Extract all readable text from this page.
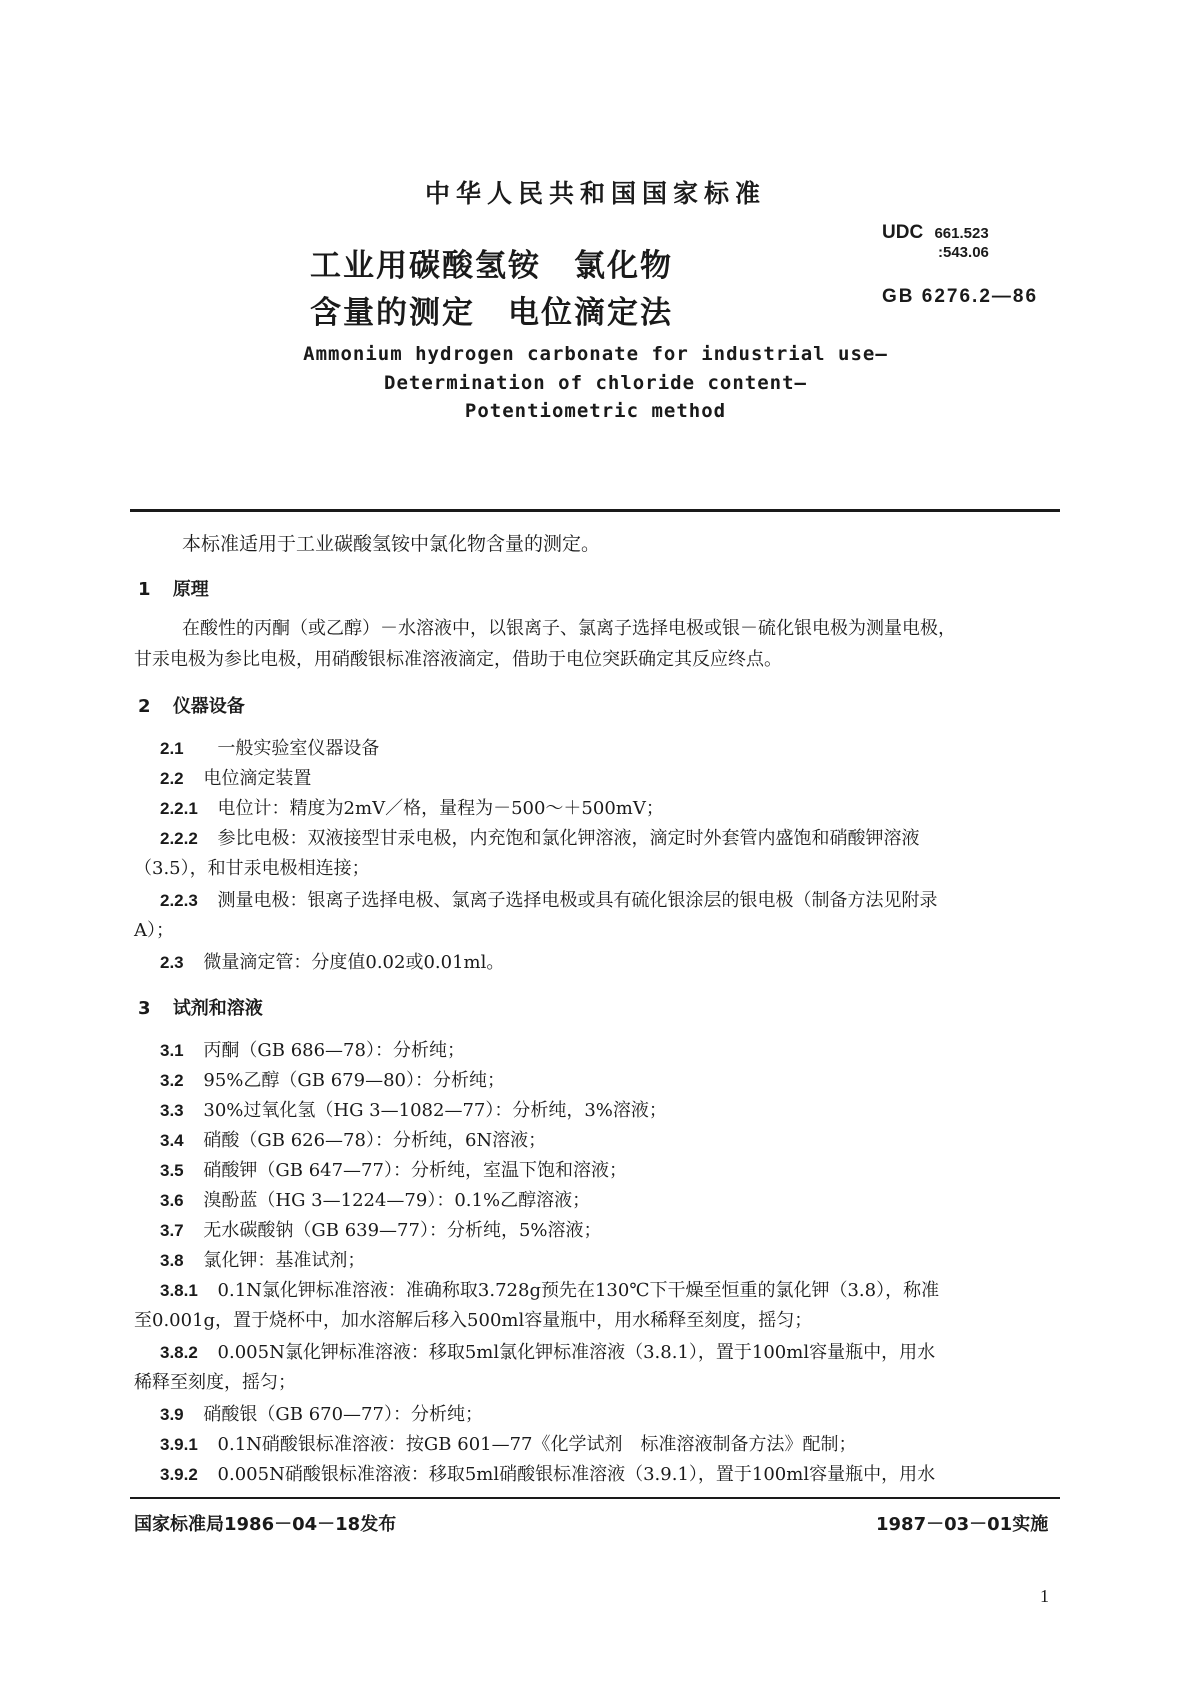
中华人民共和国国家标准
工业用碳酸氢铵　氯化物
含量的测定　电位滴定法
UDC 661.523
:543.06
GB 6276.2—86
Ammonium hydrogen carbonate for industrial use—
Determination of chloride content—
Potentiometric method
本标准适用于工业碳酸氢铵中氯化物含量的测定。
1 原理
在酸性的丙酮（或乙醇）－水溶液中，以银离子、氯离子选择电极或银－硫化银电极为测量电极，
甘汞电极为参比电极，用硝酸银标准溶液滴定，借助于电位突跃确定其反应终点。
2 仪器设备
2.1 一般实验室仪器设备
2.2 电位滴定装置
2.2.1 电位计：精度为2mV／格，量程为－500～＋500mV；
2.2.2 参比电极：双液接型甘汞电极，内充饱和氯化钾溶液，滴定时外套管内盛饱和硝酸钾溶液
（3.5），和甘汞电极相连接；
2.2.3 测量电极：银离子选择电极、氯离子选择电极或具有硫化银涂层的银电极（制备方法见附录
A）；
2.3 微量滴定管：分度值0.02或0.01ml。
3 试剂和溶液
3.1 丙酮（GB 686—78）：分析纯；
3.2 95%乙醇（GB 679—80）：分析纯；
3.3 30%过氧化氢（HG 3—1082—77）：分析纯，3%溶液；
3.4 硝酸（GB 626—78）：分析纯，6N溶液；
3.5 硝酸钾（GB 647—77）：分析纯，室温下饱和溶液；
3.6 溴酚蓝（HG 3—1224—79）：0.1%乙醇溶液；
3.7 无水碳酸钠（GB 639—77）：分析纯，5%溶液；
3.8 氯化钾：基准试剂；
3.8.1 0.1N氯化钾标准溶液：准确称取3.728g预先在130℃下干燥至恒重的氯化钾（3.8），称准
至0.001g，置于烧杯中，加水溶解后移入500ml容量瓶中，用水稀释至刻度，摇匀；
3.8.2 0.005N氯化钾标准溶液：移取5ml氯化钾标准溶液（3.8.1），置于100ml容量瓶中，用水
稀释至刻度，摇匀；
3.9 硝酸银（GB 670—77）：分析纯；
3.9.1 0.1N硝酸银标准溶液：按GB 601—77《化学试剂　标准溶液制备方法》配制；
3.9.2 0.005N硝酸银标准溶液：移取5ml硝酸银标准溶液（3.9.1），置于100ml容量瓶中，用水
国家标准局1986－04－18发布	1987－03－01实施
1
